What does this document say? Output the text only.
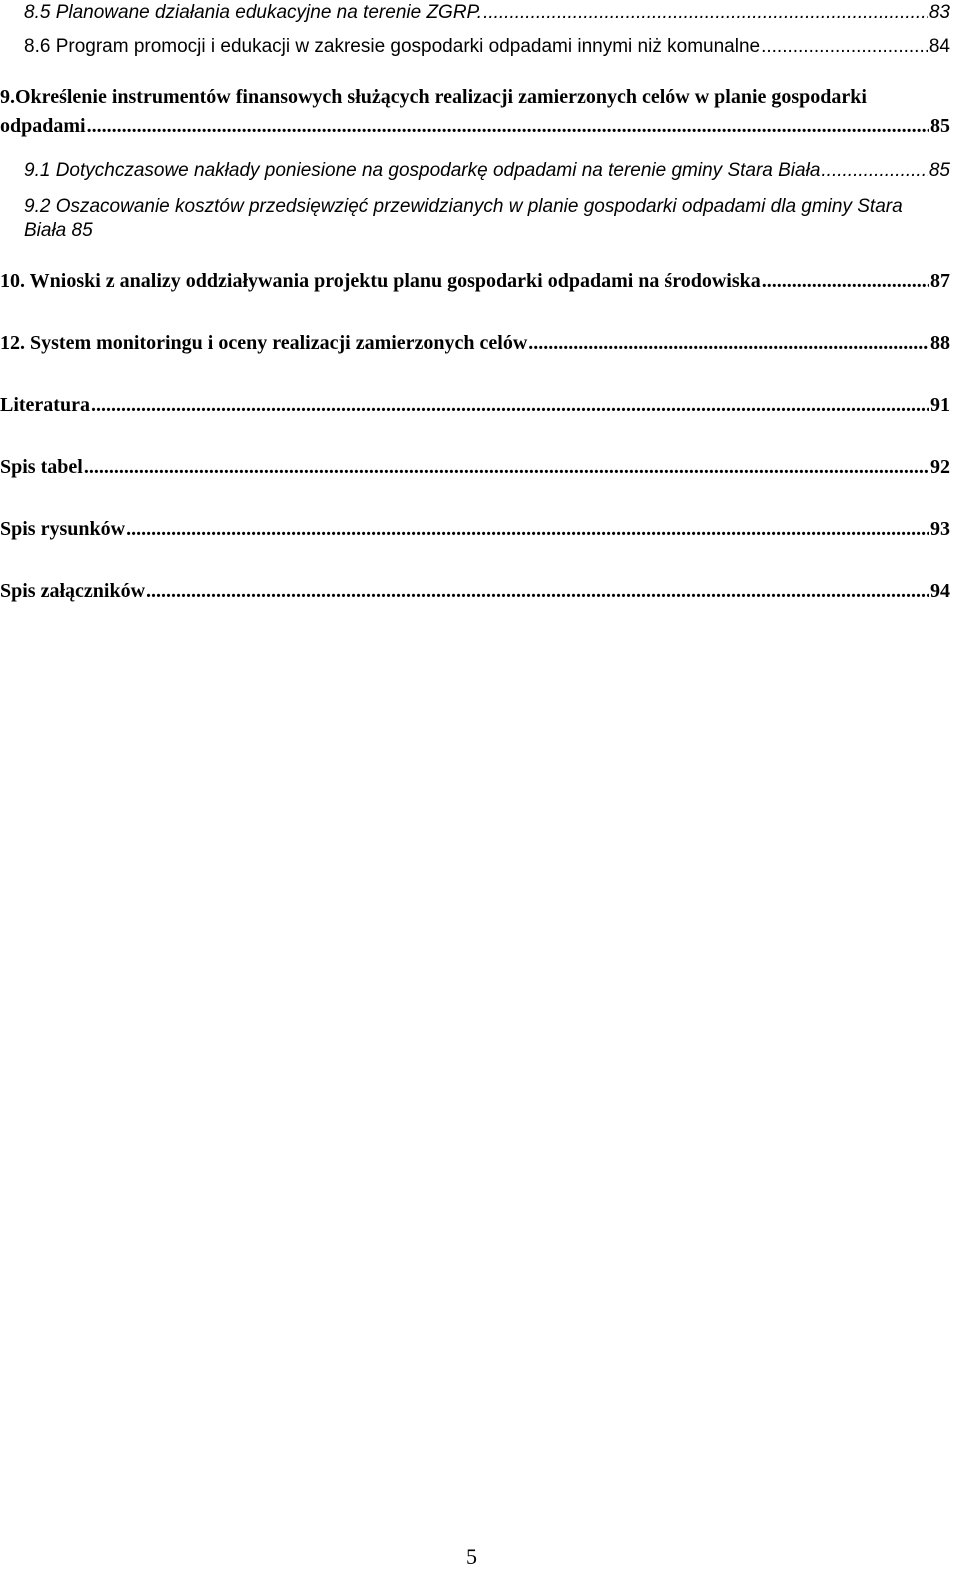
8.5 Planowane działania edukacyjne na terenie ZGRP. .....	83
8.6 Program promocji i edukacji w zakresie gospodarki odpadami innymi niż komunalne .....	84
9.Określenie instrumentów finansowych służących realizacji zamierzonych celów w planie gospodarki
odpadami .....	85
9.1 Dotychczasowe nakłady poniesione na gospodarkę odpadami na terenie gminy Stara Biała .....	85
9.2 Oszacowanie kosztów przedsięwzięć przewidzianych w planie gospodarki odpadami dla gminy Stara
Biała 85
10. Wnioski z analizy oddziaływania projektu planu gospodarki odpadami na środowiska .....	87
12. System monitoringu i oceny realizacji zamierzonych celów .....	88
Literatura .....	91
Spis tabel .....	92
Spis rysunków .....	93
Spis załączników .....	94
5
